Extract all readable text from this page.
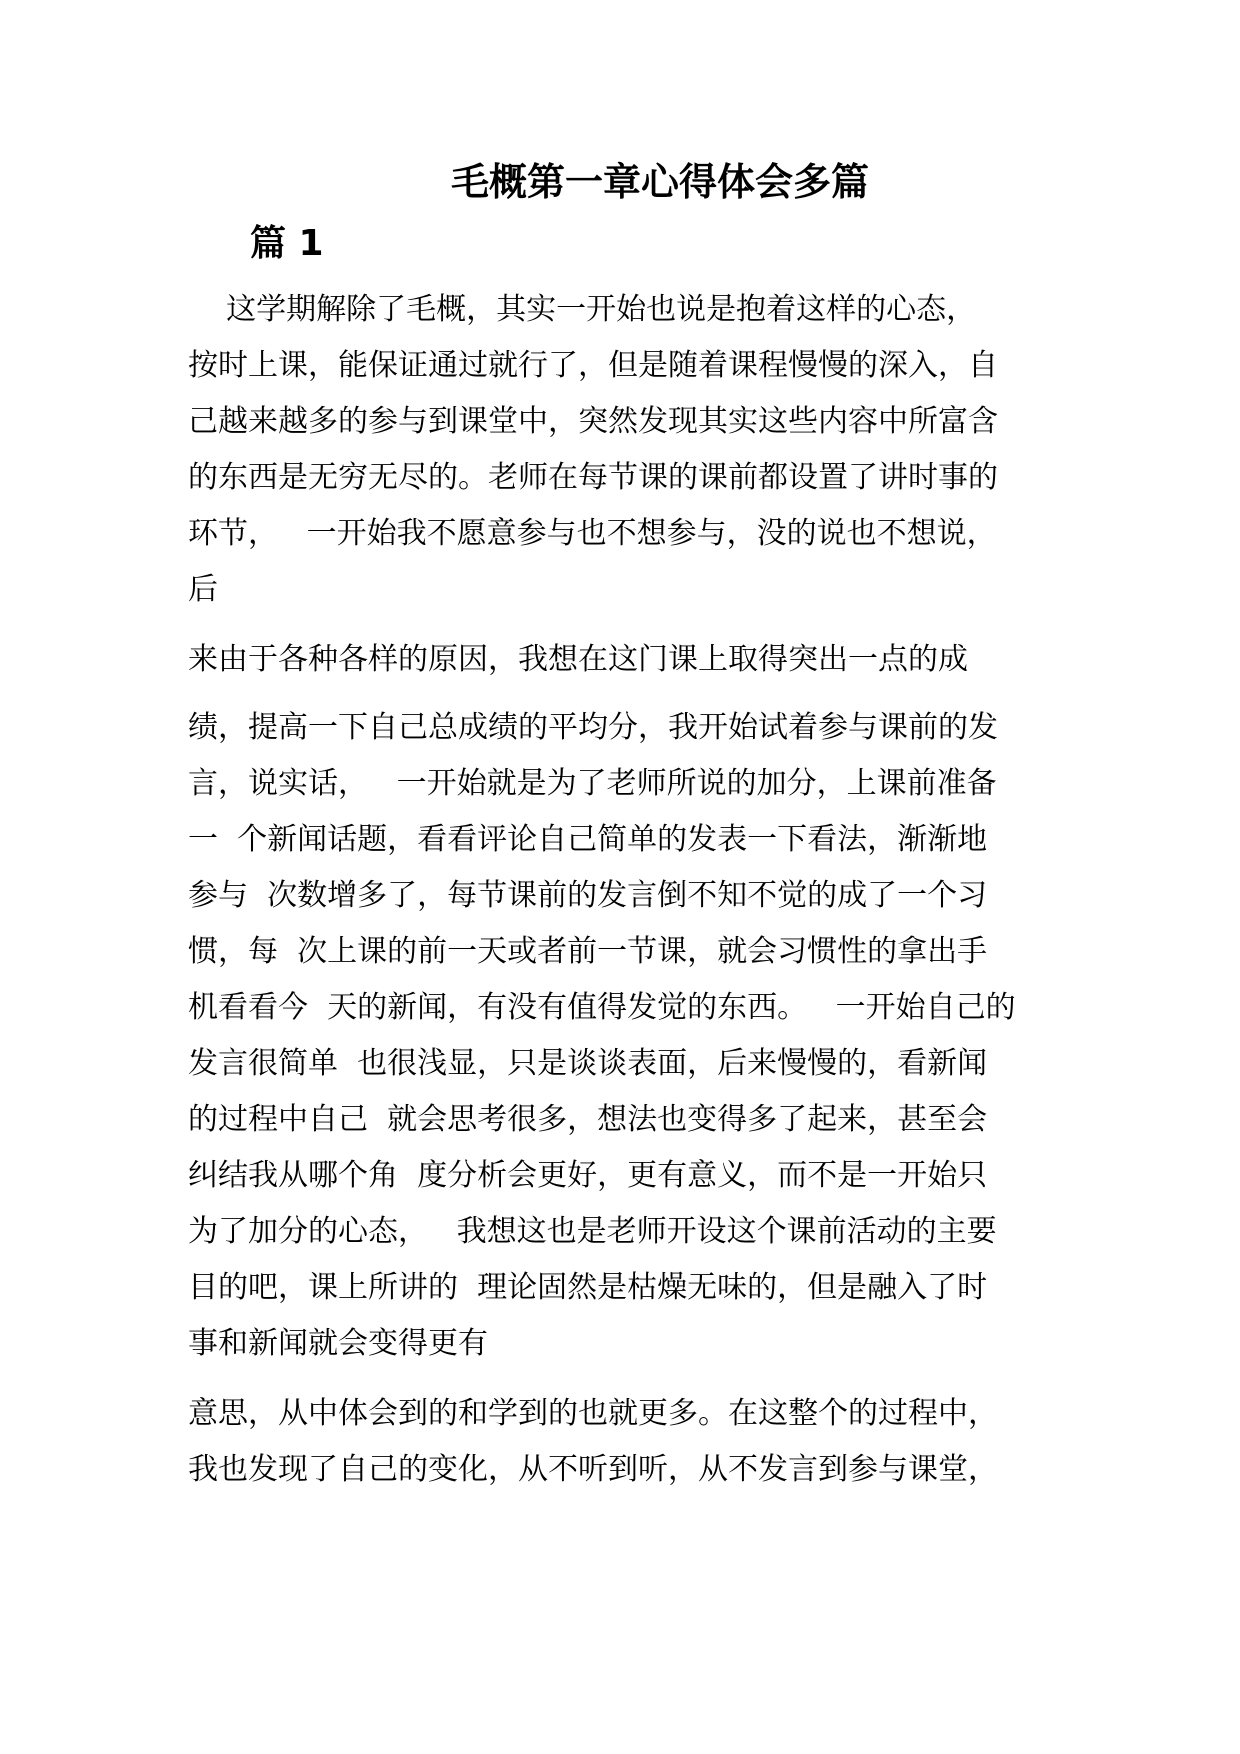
毛概第一章心得体会多篇
篇 1
这学期解除了毛概，其实一开始也说是抱着这样的心态，
按时上课，能保证通过就行了，但是随着课程慢慢的深入，自
己越来越多的参与到课堂中，突然发现其实这些内容中所富含
的东西是无穷无尽的。老师在每节课的课前都设置了讲时事的
环节，   一开始我不愿意参与也不想参与，没的说也不想说，
后
来由于各种各样的原因，我想在这门课上取得突出一点的成
绩，提高一下自己总成绩的平均分，我开始试着参与课前的发
言，说实话，   一开始就是为了老师所说的加分，上课前准备
一  个新闻话题，看看评论自己简单的发表一下看法，渐渐地
参与  次数增多了，每节课前的发言倒不知不觉的成了一个习
惯，每  次上课的前一天或者前一节课，就会习惯性的拿出手
机看看今  天的新闻，有没有值得发觉的东西。   一开始自己的
发言很简单  也很浅显，只是谈谈表面，后来慢慢的，看新闻
的过程中自己  就会思考很多，想法也变得多了起来，甚至会
纠结我从哪个角  度分析会更好，更有意义，而不是一开始只
为了加分的心态，   我想这也是老师开设这个课前活动的主要
目的吧，课上所讲的  理论固然是枯燥无味的，但是融入了时
事和新闻就会变得更有
意思，从中体会到的和学到的也就更多。在这整个的过程中，
我也发现了自己的变化，从不听到听，从不发言到参与课堂，
